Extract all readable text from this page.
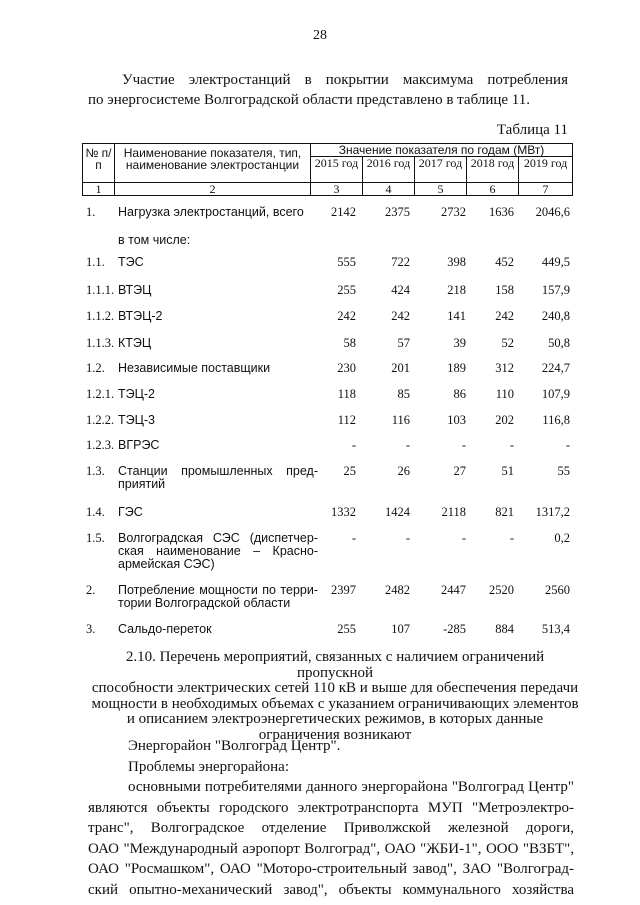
28
Участие электростанций в покрытии максимума потребления
по энергосистеме Волгоградской области представлено в таблице 11.
Таблица 11
№ п/п	Наименование показателя, тип, наименование электростанции	Значение показателя по годам (МВт)				
		2015 год	2016 год	2017 год	2018 год	2019 год
1	2	3	4	5	6	7
1. Нагрузка электростанций, всего	2142	2375	2732	1636	2046,6
в том числе:
1.1. ТЭС	555	722	398	452	449,5
1.1.1. ВТЭЦ	255	424	218	158	157,9
1.1.2. ВТЭЦ-2	242	242	141	242	240,8
1.1.3. КТЭЦ	58	57	39	52	50,8
1.2. Независимые поставщики	230	201	189	312	224,7
1.2.1. ТЭЦ-2	118	85	86	110	107,9
1.2.2. ТЭЦ-3	112	116	103	202	116,8
1.2.3. ВГРЭС	-	-	-	-	-
1.3. Станции промышленных пред-
приятий
25	26	27	51	55
1.4. ГЭС	1332	1424	2118	821	1317,2
1.5. Волгоградская СЭС (диспетчер-
ская наименование – Красно-
армейская СЭС)
-	-	-	-	0,2
2. Потребление мощности по терри-
тории Волгоградской области
2397	2482	2447	2520	2560
3. Сальдо-переток	255	107	-285	884	513,4
2.10. Перечень мероприятий, связанных с наличием ограничений пропускной
способности электрических сетей 110 кВ и выше для обеспечения передачи
мощности в необходимых объемах с указанием ограничивающих элементов
и описанием электроэнергетических режимов, в которых данные
ограничения возникают
Энергорайон "Волгоград Центр".
Проблемы энергорайона:
основными потребителями данного энергорайона "Волгоград Центр"
являются объекты городского электротранспорта МУП "Метроэлектро-
транс", Волгоградское отделение Приволжской железной дороги,
ОАО "Международный аэропорт Волгоград", ОАО "ЖБИ-1", ООО "ВЗБТ",
ОАО "Росмашком", ОАО "Моторо-строительный завод", ЗАО "Волгоград-
ский опытно-механический завод", объекты коммунального хозяйства
